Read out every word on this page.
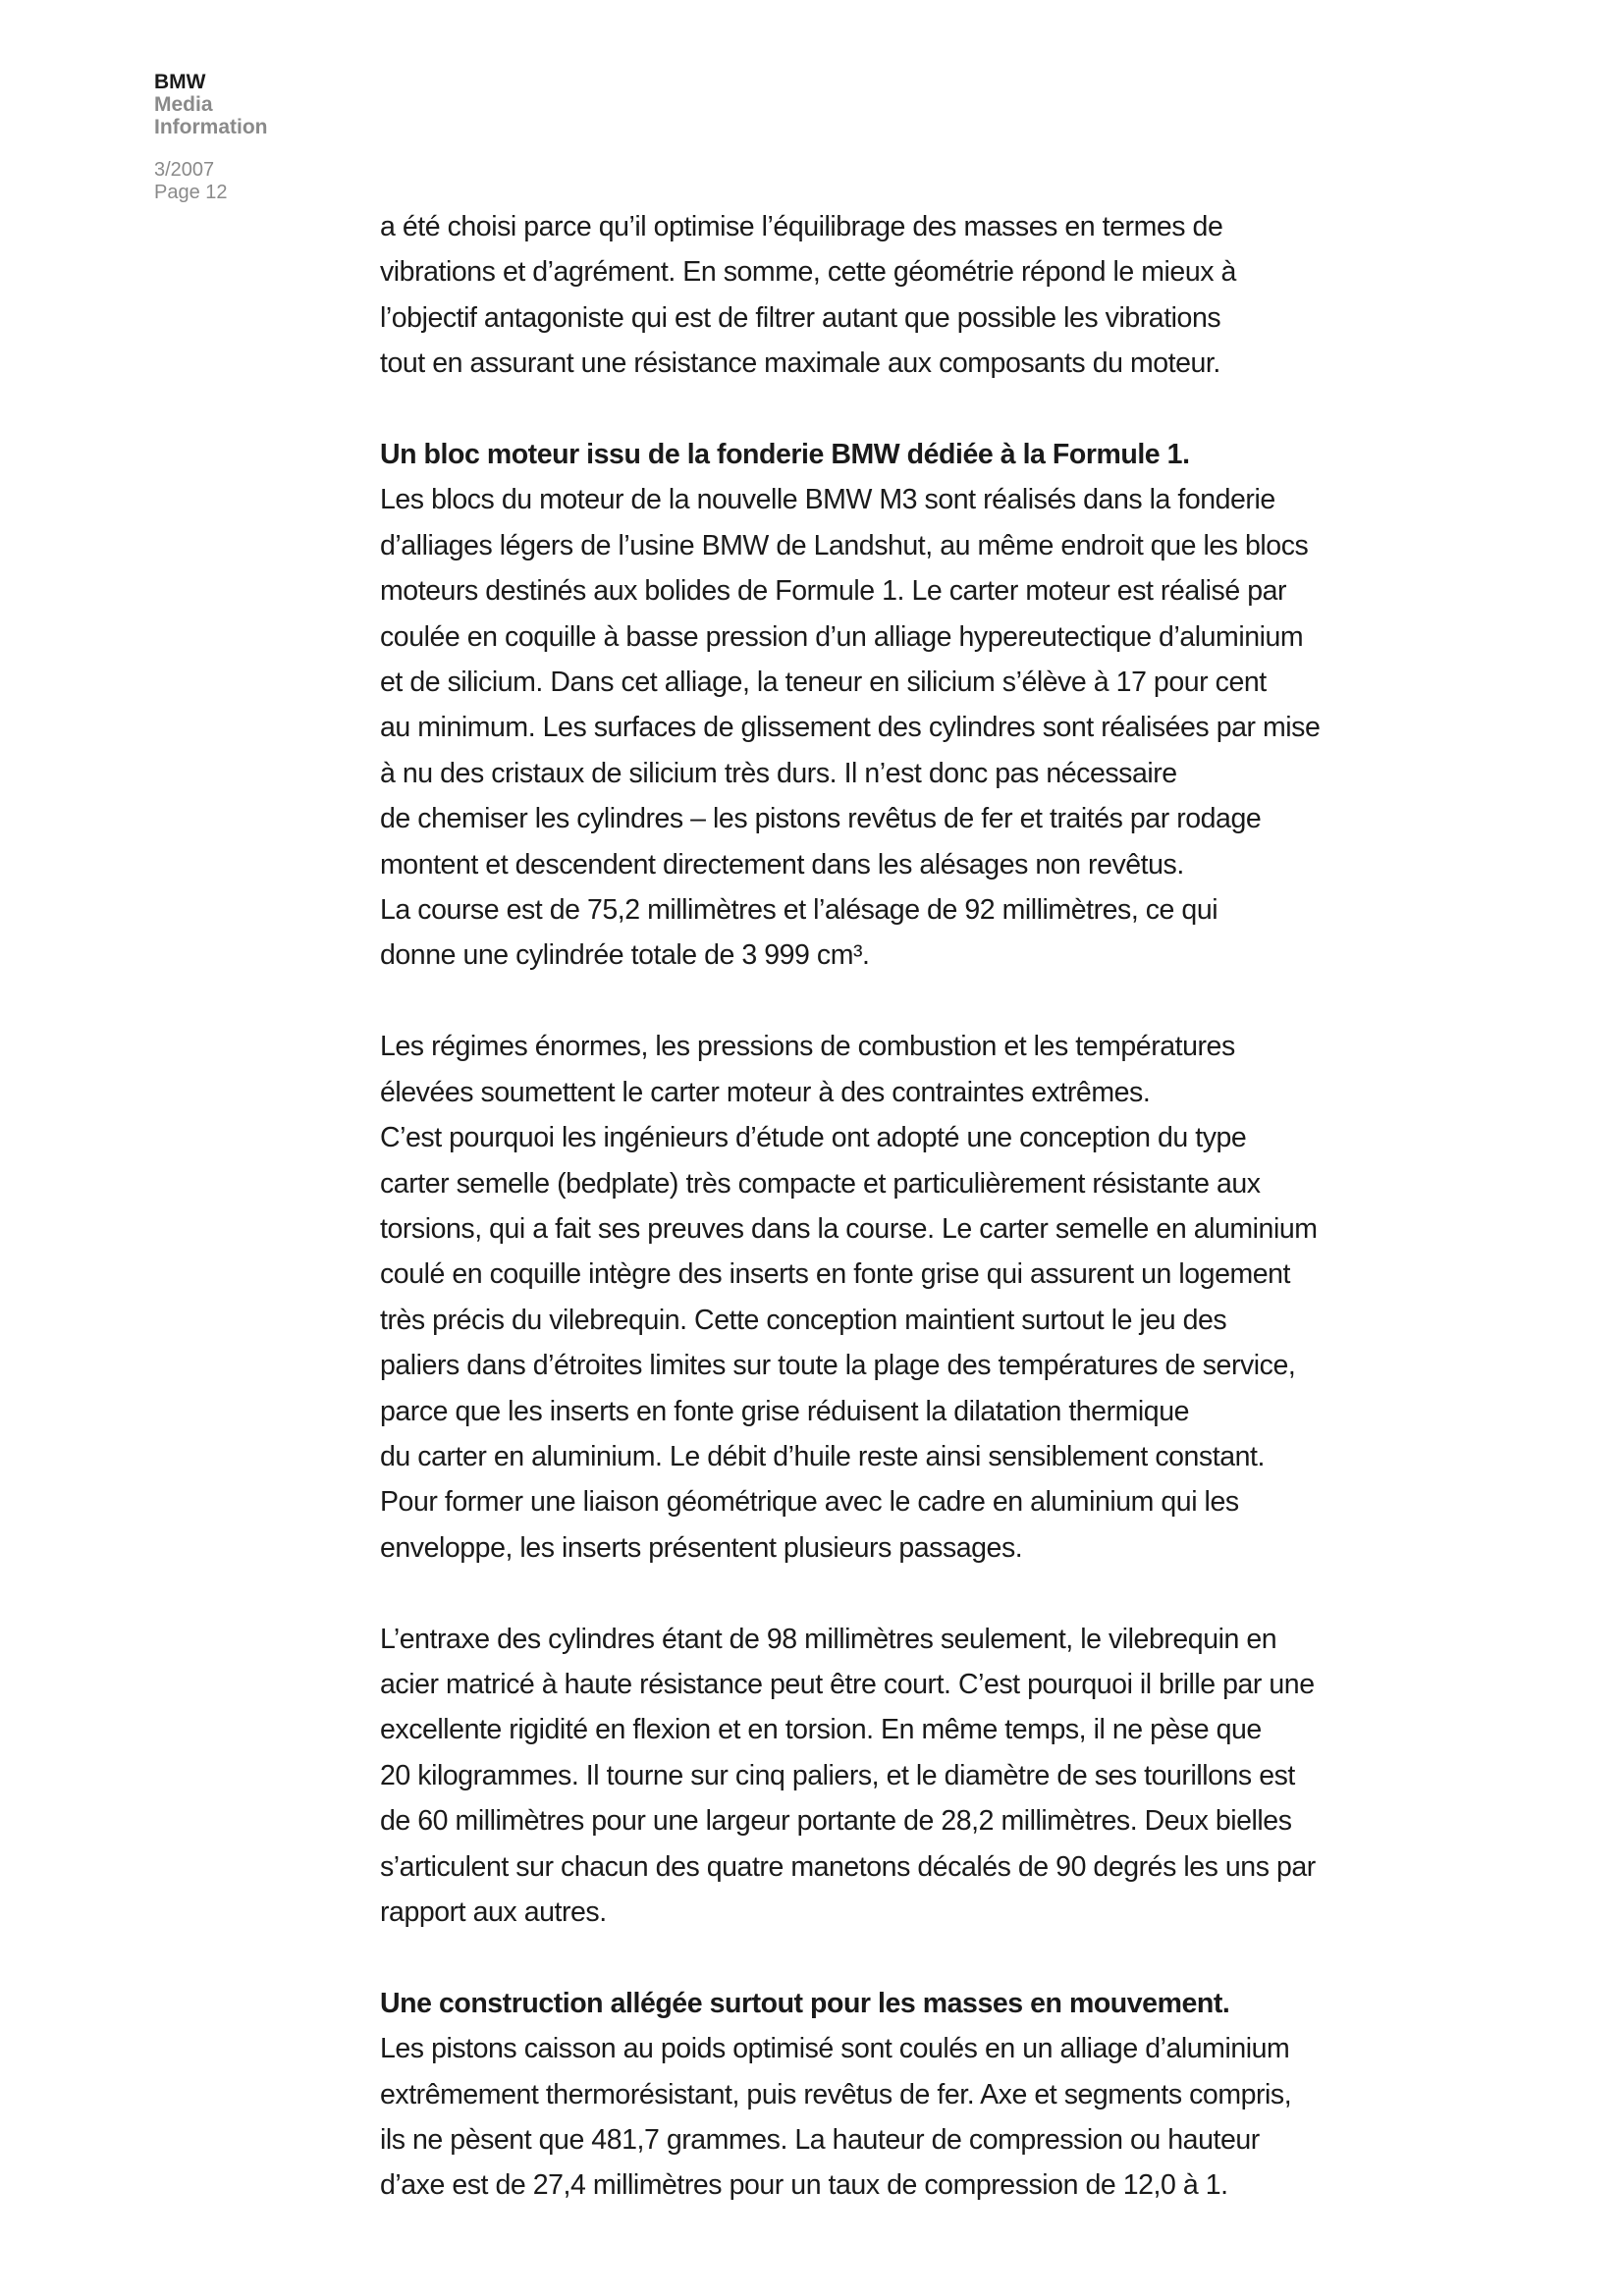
BMW
Media
Information
3/2007
Page 12

a été choisi parce qu’il optimise l’équilibrage des masses en termes de
vibrations et d’agrément. En somme, cette géométrie répond le mieux à
l’objectif antagoniste qui est de filtrer autant que possible les vibrations
tout en assurant une résistance maximale aux composants du moteur.

Un bloc moteur issu de la fonderie BMW dédiée à la Formule 1.
Les blocs du moteur de la nouvelle BMW M3 sont réalisés dans la fonderie
d’alliages légers de l’usine BMW de Landshut, au même endroit que les blocs
moteurs destinés aux bolides de Formule 1. Le carter moteur est réalisé par
coulée en coquille à basse pression d’un alliage hypereutectique d’aluminium
et de silicium. Dans cet alliage, la teneur en silicium s’élève à 17 pour cent
au minimum. Les surfaces de glissement des cylindres sont réalisées par mise
à nu des cristaux de silicium très durs. Il n’est donc pas nécessaire
de chemiser les cylindres – les pistons revêtus de fer et traités par rodage
montent et descendent directement dans les alésages non revêtus.
La course est de 75,2 millimètres et l’alésage de 92 millimètres, ce qui
donne une cylindrée totale de 3 999 cm³.

Les régimes énormes, les pressions de combustion et les températures
élevées soumettent le carter moteur à des contraintes extrêmes.
C’est pourquoi les ingénieurs d’étude ont adopté une conception du type
carter semelle (bedplate) très compacte et particulièrement résistante aux
torsions, qui a fait ses preuves dans la course. Le carter semelle en aluminium
coulé en coquille intègre des inserts en fonte grise qui assurent un logement
très précis du vilebrequin. Cette conception maintient surtout le jeu des
paliers dans d’étroites limites sur toute la plage des températures de service,
parce que les inserts en fonte grise réduisent la dilatation thermique
du carter en aluminium. Le débit d’huile reste ainsi sensiblement constant.
Pour former une liaison géométrique avec le cadre en aluminium qui les
enveloppe, les inserts présentent plusieurs passages.

L’entraxe des cylindres étant de 98 millimètres seulement, le vilebrequin en
acier matricé à haute résistance peut être court. C’est pourquoi il brille par une
excellente rigidité en flexion et en torsion. En même temps, il ne pèse que
20 kilogrammes. Il tourne sur cinq paliers, et le diamètre de ses tourillons est
de 60 millimètres pour une largeur portante de 28,2 millimètres. Deux bielles
s’articulent sur chacun des quatre manetons décalés de 90 degrés les uns par
rapport aux autres.

Une construction allégée surtout pour les masses en mouvement.
Les pistons caisson au poids optimisé sont coulés en un alliage d’aluminium
extrêmement thermorésistant, puis revêtus de fer. Axe et segments compris,
ils ne pèsent que 481,7 grammes. La hauteur de compression ou hauteur
d’axe est de 27,4 millimètres pour un taux de compression de 12,0 à 1.
